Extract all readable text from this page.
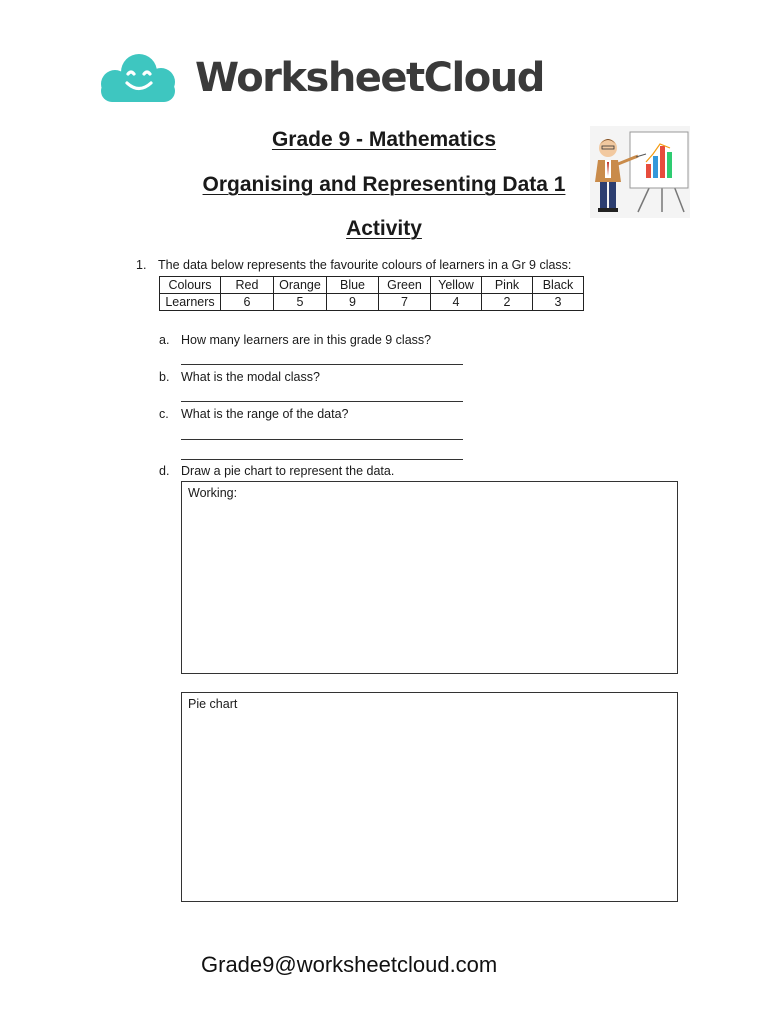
WorksheetCloud
Grade 9 - Mathematics
Organising and Representing Data 1
Activity
1. The data below represents the favourite colours of learners in a Gr 9 class:
Colours	Red	Orange	Blue	Green	Yellow	Pink	Black
Learners	6	5	9	7	4	2	3
a. How many learners are in this grade 9 class?
b. What is the modal class?
c. What is the range of the data?
d. Draw a pie chart to represent the data.
Working:
Pie chart
Grade9@worksheetcloud.com
